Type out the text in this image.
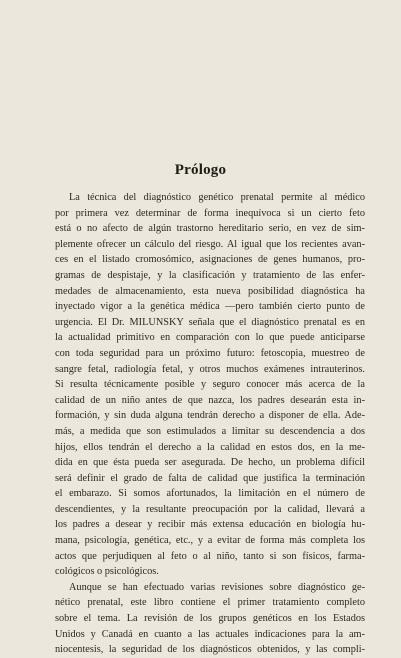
Prólogo
La técnica del diagnóstico genético prenatal permite al médico
por primera vez determinar de forma inequívoca si un cierto feto
está o no afecto de algún trastorno hereditario serio, en vez de sim-
plemente ofrecer un cálculo del riesgo. Al igual que los recientes avan-
ces en el listado cromosómico, asignaciones de genes humanos, pro-
gramas de despistaje, y la clasificación y tratamiento de las enfer-
medades de almacenamiento, esta nueva posibilidad diagnóstica ha
inyectado vigor a la genética médica —pero también cierto punto de
urgencia. El Dr. MILUNSKY señala que el diagnóstico prenatal es en
la actualidad primitivo en comparación con lo que puede anticiparse
con toda seguridad para un próximo futuro: fetoscopia, muestreo de
sangre fetal, radiología fetal, y otros muchos exámenes intrauterinos.
Si resulta técnicamente posible y seguro conocer más acerca de la
calidad de un niño antes de que nazca, los padres desearán esta in-
formación, y sin duda alguna tendrán derecho a disponer de ella. Ade-
más, a medida que son estimulados a limitar su descendencia a dos
hijos, ellos tendrán el derecho a la calidad en estos dos, en la me-
dida en que ésta pueda ser asegurada. De hecho, un problema difícil
será definir el grado de falta de calidad que justifica la terminación
el embarazo. Si somos afortunados, la limitación en el número de
descendientes, y la resultante preocupación por la calidad, llevará a
los padres a desear y recibir más extensa educación en biología hu-
mana, psicología, genética, etc., y a evitar de forma más completa los
actos que perjudiquen al feto o al niño, tanto si son físicos, farma-
cológicos o psicológicos.
Aunque se han efectuado varias revisiones sobre diagnóstico ge-
nético prenatal, este libro contiene el primer tratamiento completo
sobre el tema. La revisión de los grupos genéticos en los Estados
Unidos y Canadá en cuanto a las actuales indicaciones para la am-
niocentesis, la seguridad de los diagnósticos obtenidos, y las compli-
